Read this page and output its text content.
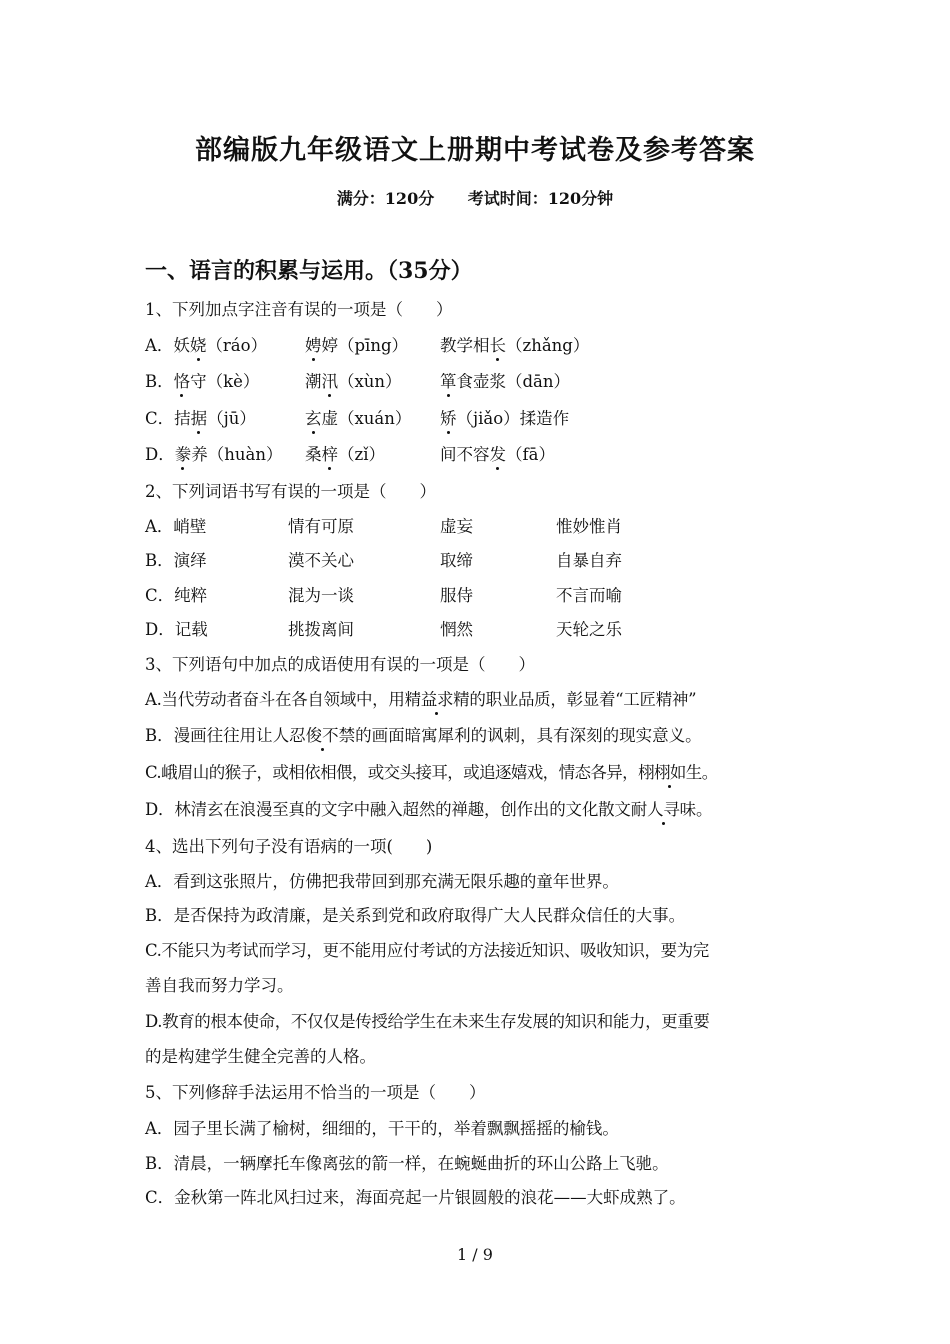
部编版九年级语文上册期中考试卷及参考答案
满分：120分 考试时间：120分钟
一、语言的积累与运用。（35分）
1、下列加点字注音有误的一项是（　　）
A．妖娆（ráo） 娉婷（pīng） 教学相长（zhǎng）
B．恪守（kè）	潮汛（xùn） 箪食壶浆（dān）
C．拮据（jū）	玄虚（xuán） 矫（jiǎo）揉造作
D．豢养（huàn） 桑梓（zǐ）	间不容发（fā）
2、下列词语书写有误的一项是（　　）
A．峭壁	情有可原	虚妄	惟妙惟肖
B．演绎	漠不关心	取缔	自暴自弃
C．纯粹	混为一谈	服侍	不言而喻
D．记载	挑拨离间	惘然	天轮之乐
3、下列语句中加点的成语使用有误的一项是（　　）
A.当代劳动者奋斗在各自领域中，用精益求精的职业品质，彰显着“工匠精神”
B．漫画往往用让人忍俊不禁的画面暗寓犀利的讽刺，具有深刻的现实意义。
C.峨眉山的猴子，或相依相偎，或交头接耳，或追逐嬉戏，情态各异，栩栩如生。
D．林清玄在浪漫至真的文字中融入超然的禅趣，创作出的文化散文耐人寻味。
4、选出下列句子没有语病的一项(　　)
A．看到这张照片，仿佛把我带回到那充满无限乐趣的童年世界。
B．是否保持为政清廉，是关系到党和政府取得广大人民群众信任的大事。
C.不能只为考试而学习，更不能用应付考试的方法接近知识、吸收知识，要为完
善自我而努力学习。
D.教育的根本使命，不仅仅是传授给学生在未来生存发展的知识和能力，更重要
的是构建学生健全完善的人格。
5、下列修辞手法运用不恰当的一项是（　　）
A．园子里长满了榆树，细细的，干干的，举着飘飘摇摇的榆钱。
B．清晨，一辆摩托车像离弦的箭一样，在蜿蜒曲折的环山公路上飞驰。
C．金秋第一阵北风扫过来，海面亮起一片银圆般的浪花——大虾成熟了。
1 / 9
